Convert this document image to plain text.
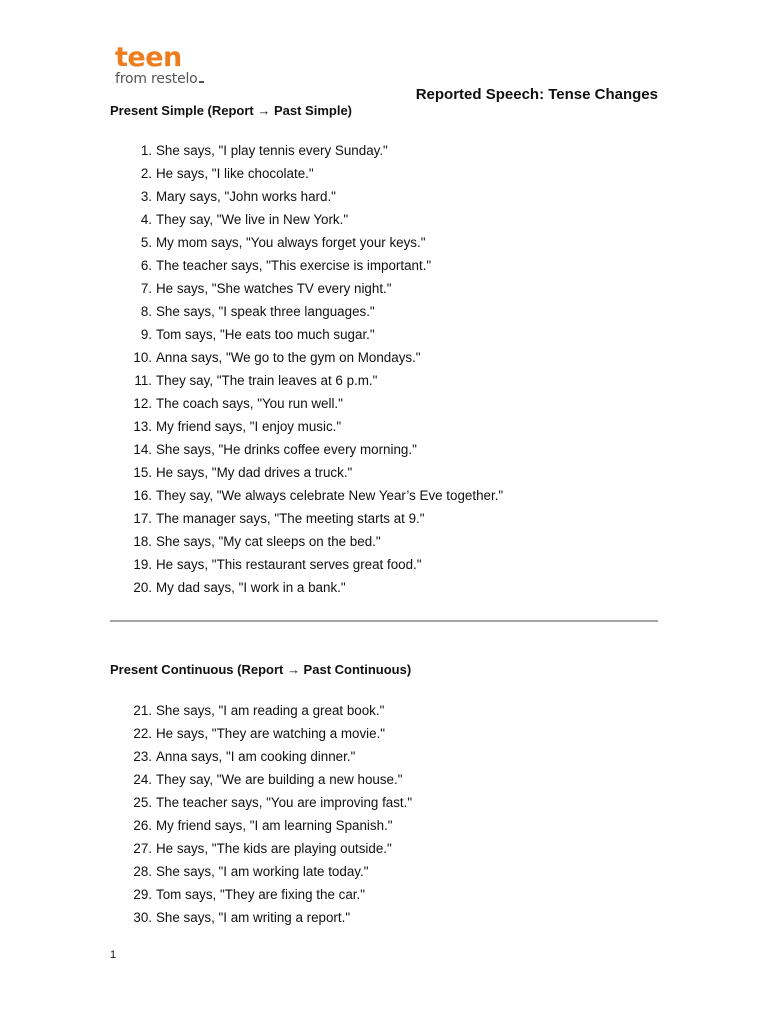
teen
from restelo
Reported Speech: Tense Changes
Present Simple (Report → Past Simple)
1. She says, "I play tennis every Sunday."
2. He says, "I like chocolate."
3. Mary says, "John works hard."
4. They say, "We live in New York."
5. My mom says, "You always forget your keys."
6. The teacher says, "This exercise is important."
7. He says, "She watches TV every night."
8. She says, "I speak three languages."
9. Tom says, "He eats too much sugar."
10. Anna says, "We go to the gym on Mondays."
11. They say, "The train leaves at 6 p.m."
12. The coach says, "You run well."
13. My friend says, "I enjoy music."
14. She says, "He drinks coffee every morning."
15. He says, "My dad drives a truck."
16. They say, "We always celebrate New Year’s Eve together."
17. The manager says, "The meeting starts at 9."
18. She says, "My cat sleeps on the bed."
19. He says, "This restaurant serves great food."
20. My dad says, "I work in a bank."
Present Continuous (Report → Past Continuous)
21. She says, "I am reading a great book."
22. He says, "They are watching a movie."
23. Anna says, "I am cooking dinner."
24. They say, "We are building a new house."
25. The teacher says, "You are improving fast."
26. My friend says, "I am learning Spanish."
27. He says, "The kids are playing outside."
28. She says, "I am working late today."
29. Tom says, "They are fixing the car."
30. She says, "I am writing a report."
1
